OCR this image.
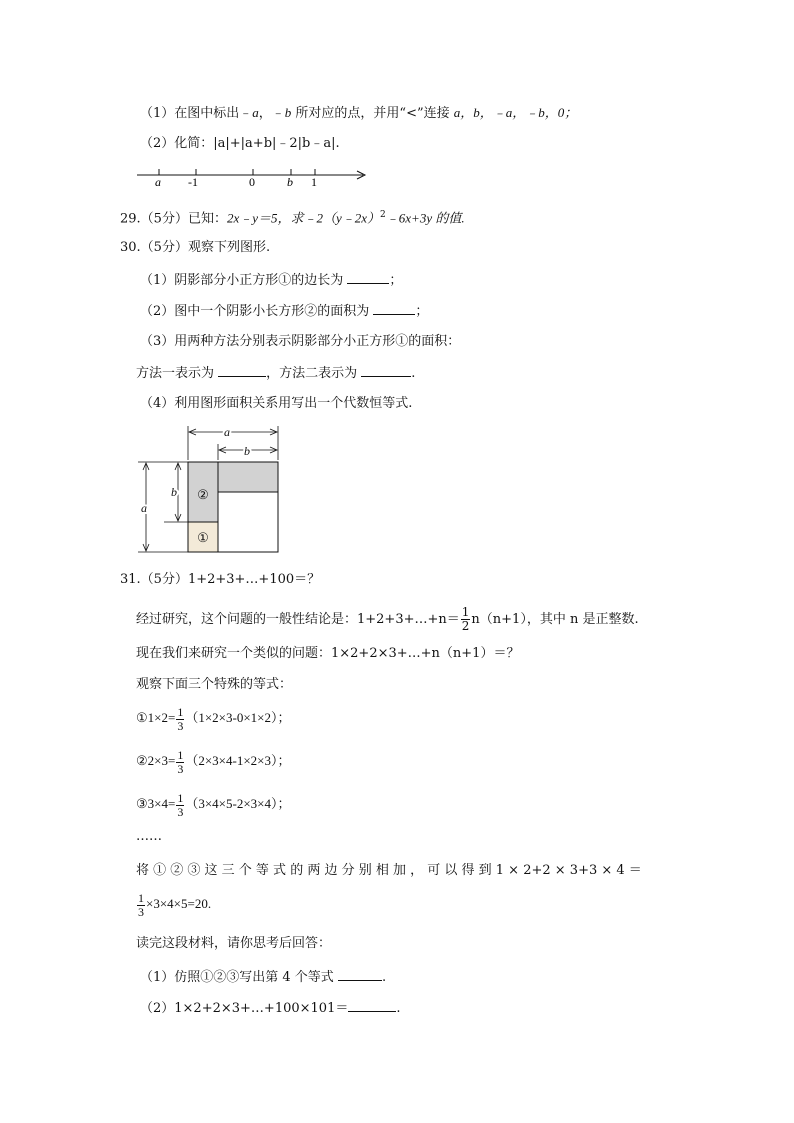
（1）在图中标出﹣a，﹣b 所对应的点，并用“<”连接 a，b，﹣a，﹣b，0；
（2）化简：|a|+|a+b|﹣2|b﹣a|.
a -1	0	b 1
29.（5分）已知：2x﹣y＝5，求﹣2（y﹣2x）$^2$﹣6x+3y 的值.
30.（5分）观察下列图形.
（1）阴影部分小正方形①的边长为	；
（2）图中一个阴影小长方形②的面积为	；
（3）用两种方法分别表示阴影部分小正方形①的面积：
方法一表示为	，方法二表示为	.
（4）利用图形面积关系用写出一个代数恒等式.
a
b
a
b ②
①
31.（5分）1+2+3+…+100＝？
经过研究，这个问题的一般性结论是：1+2+3+…+n＝ $\frac{1}{2} n(n+1)$，其中 n 是正整数.
现在我们来研究一个类似的问题：1×2+2×3+…+n（n+1）＝？
观察下面三个特殊的等式：
①1×2= $\frac{1}{3} (1\times 2\times 3-0\times 1\times 2)$；
②2×3= $\frac{1}{3} (2\times 3\times 4-1\times 2\times 3)$；
③3×4= $\frac{1}{3} (3\times 4\times 5-2\times 3\times 4)$；
……
将 ① ② ③ 这 三 个 等 式 的 两 边 分 别 相 加 ， 可 以 得 到 1 × 2+2 × 3+3 × 4 ＝
$\frac{1}{3} \times 3\times 4\times 5=20$.
读完这段材料，请你思考后回答：
（1）仿照①②③写出第 4 个等式	.
（2）1×2+2×3+…+100×101＝	.
